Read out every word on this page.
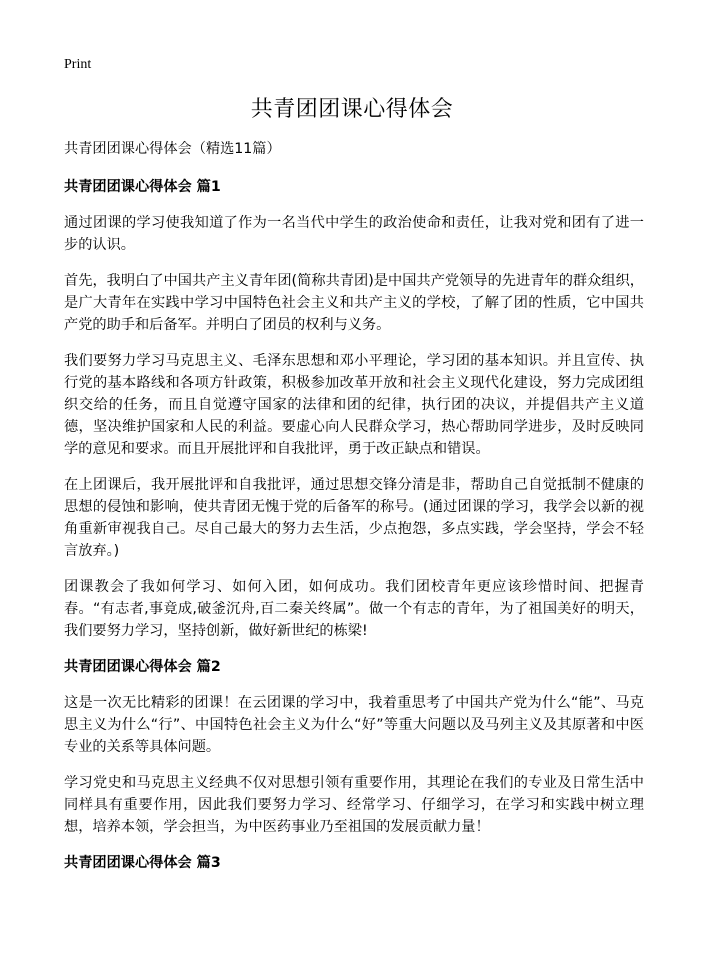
Print
共青团团课心得体会

共青团团课心得体会（精选11篇）

共青团团课心得体会 篇1

通过团课的学习使我知道了作为一名当代中学生的政治使命和责任，让我对党和团有了进一步的认识。

首先，我明白了中国共产主义青年团(简称共青团)是中国共产党领导的先进青年的群众组织，是广大青年在实践中学习中国特色社会主义和共产主义的学校，了解了团的性质，它中国共产党的助手和后备军。并明白了团员的权利与义务。

我们要努力学习马克思主义、毛泽东思想和邓小平理论，学习团的基本知识。并且宣传、执行党的基本路线和各项方针政策，积极参加改革开放和社会主义现代化建设，努力完成团组织交给的任务，而且自觉遵守国家的法律和团的纪律，执行团的决议，并提倡共产主义道德，坚决维护国家和人民的利益。要虚心向人民群众学习，热心帮助同学进步，及时反映同学的意见和要求。而且开展批评和自我批评，勇于改正缺点和错误。

在上团课后，我开展批评和自我批评，通过思想交锋分清是非，帮助自己自觉抵制不健康的思想的侵蚀和影响，使共青团无愧于党的后备军的称号。(通过团课的学习，我学会以新的视角重新审视我自己。尽自己最大的努力去生活，少点抱怨，多点实践，学会坚持，学会不轻言放弃。)

团课教会了我如何学习、如何入团，如何成功。我们团校青年更应该珍惜时间、把握青春。“有志者,事竟成,破釜沉舟,百二秦关终属”。做一个有志的青年，为了祖国美好的明天，我们要努力学习，坚持创新，做好新世纪的栋梁!

共青团团课心得体会 篇2

这是一次无比精彩的团课！在云团课的学习中，我着重思考了中国共产党为什么“能”、马克思主义为什么“行”、中国特色社会主义为什么“好”等重大问题以及马列主义及其原著和中医专业的关系等具体问题。

学习党史和马克思主义经典不仅对思想引领有重要作用，其理论在我们的专业及日常生活中同样具有重要作用，因此我们要努力学习、经常学习、仔细学习，在学习和实践中树立理想，培养本领，学会担当，为中医药事业乃至祖国的发展贡献力量！

共青团团课心得体会 篇3
